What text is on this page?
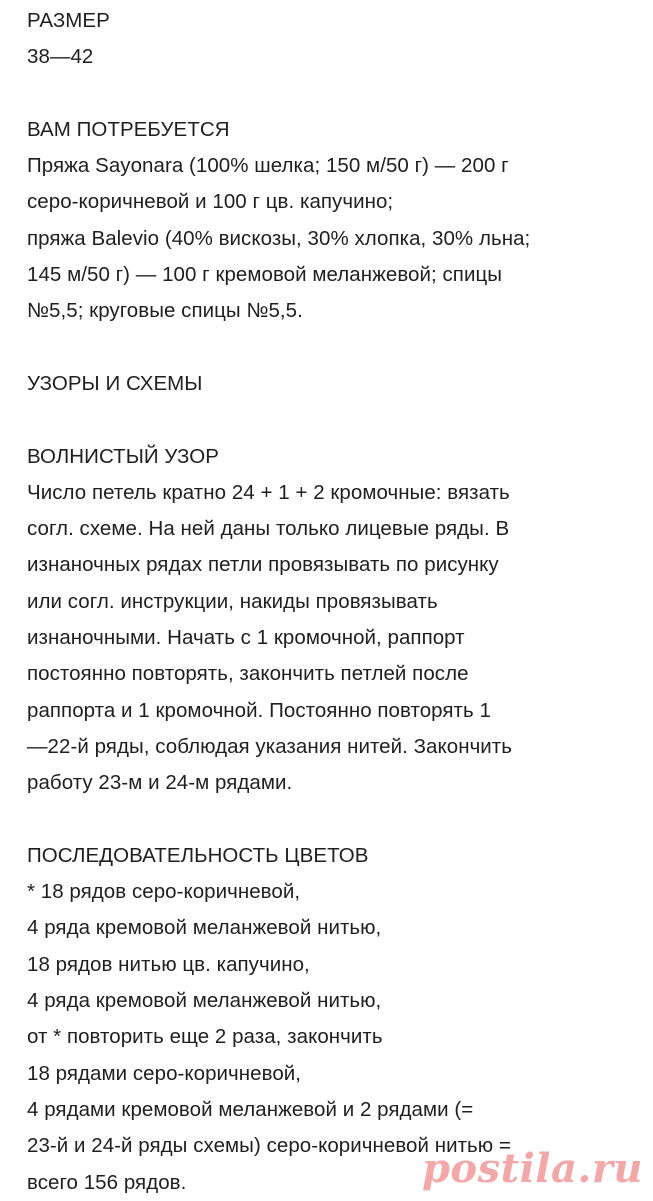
РАЗМЕР
38—42
ВАМ ПОТРЕБУЕТСЯ
Пряжа Sayonara (100% шелка; 150 м/50 г) — 200 г
серо-коричневой и 100 г цв. капучино;
пряжа Balevio (40% вискозы, 30% хлопка, 30% льна;
145 м/50 г) — 100 г кремовой меланжевой; спицы
№5,5; круговые спицы №5,5.
УЗОРЫ И СХЕМЫ
ВОЛНИСТЫЙ УЗОР
Число петель кратно 24 + 1 + 2 кромочные: вязать
согл. схеме. На ней даны только лицевые ряды. В
изнаночных рядах петли провязывать по рисунку
или согл. инструкции, накиды провязывать
изнаночными. Начать с 1 кромочной, раппорт
постоянно повторять, закончить петлей после
раппорта и 1 кромочной. Постоянно повторять 1
—22-й ряды, соблюдая указания нитей. Закончить
работу 23-м и 24-м рядами.
ПОСЛЕДОВАТЕЛЬНОСТЬ ЦВЕТОВ
* 18 рядов серо-коричневой,
4 ряда кремовой меланжевой нитью,
18 рядов нитью цв. капучино,
4 ряда кремовой меланжевой нитью,
от * повторить еще 2 раза, закончить
18 рядами серо-коричневой,
4 рядами кремовой меланжевой и 2 рядами (=
23-й и 24-й ряды схемы) серо-коричневой нитью =
всего 156 рядов.	postila.ru
